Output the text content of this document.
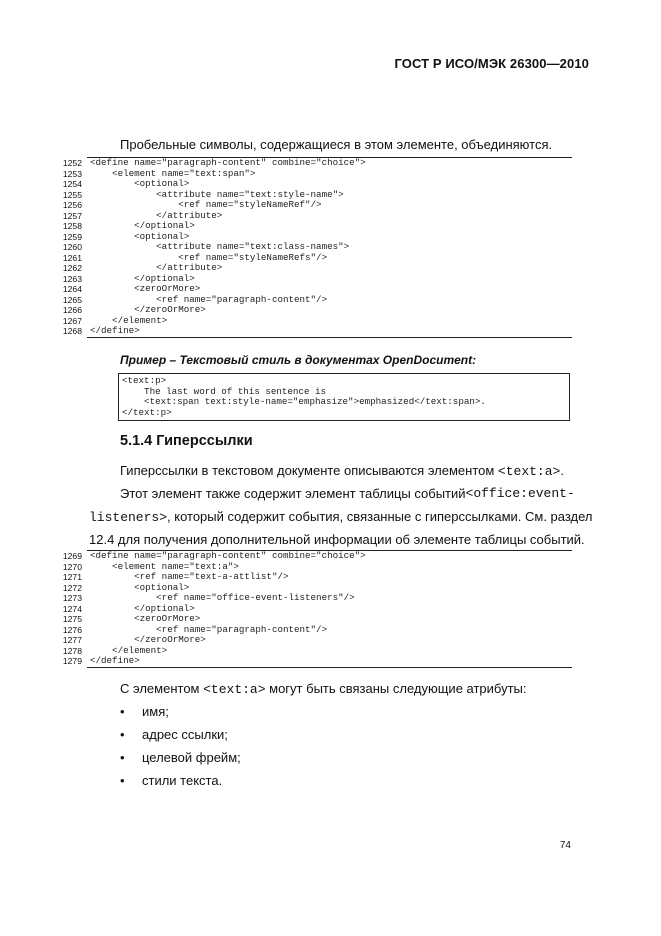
ГОСТ Р ИСО/МЭК 26300—2010
Пробельные символы, содержащиеся в этом элементе, объединяются.
1252 <define name="paragraph-content" combine="choice">
1253 <element name="text:span">
1254 <optional>
1255 <attribute name="text:style-name">
1256 <ref name="styleNameRef"/>
1257 </attribute>
1258 </optional>
1259 <optional>
1260 <attribute name="text:class-names">
1261 <ref name="styleNameRefs"/>
1262 </attribute>
1263 </optional>
1264 <zeroOrMore>
1265 <ref name="paragraph-content"/>
1266 </zeroOrMore>
1267 </element>
1268 </define>
Пример – Текстовый стиль в документах OpenDocument:
<text:p>
The last word of this sentence is
<text:span text:style-name="emphasize">emphasized</text:span>.
</text:p>
5.1.4 Гиперссылки
Гиперссылки в текстовом документе описываются элементом <text:a>.
Этот элемент также содержит элемент таблицы событий <office:event-
listeners>, который содержит события, связанные с гиперссылками. См. раздел
12.4 для получения дополнительной информации об элементе таблицы событий.
1269 <define name="paragraph-content" combine="choice">
1270 <element name="text:a">
1271 <ref name="text-a-attlist"/>
1272 <optional>
1273 <ref name="office-event-listeners"/>
1274 </optional>
1275 <zeroOrMore>
1276 <ref name="paragraph-content"/>
1277 </zeroOrMore>
1278 </element>
1279 </define>
С элементом <text:a> могут быть связаны следующие атрибуты:
• имя;
• адрес ссылки;
• целевой фрейм;
• стили текста.
74
